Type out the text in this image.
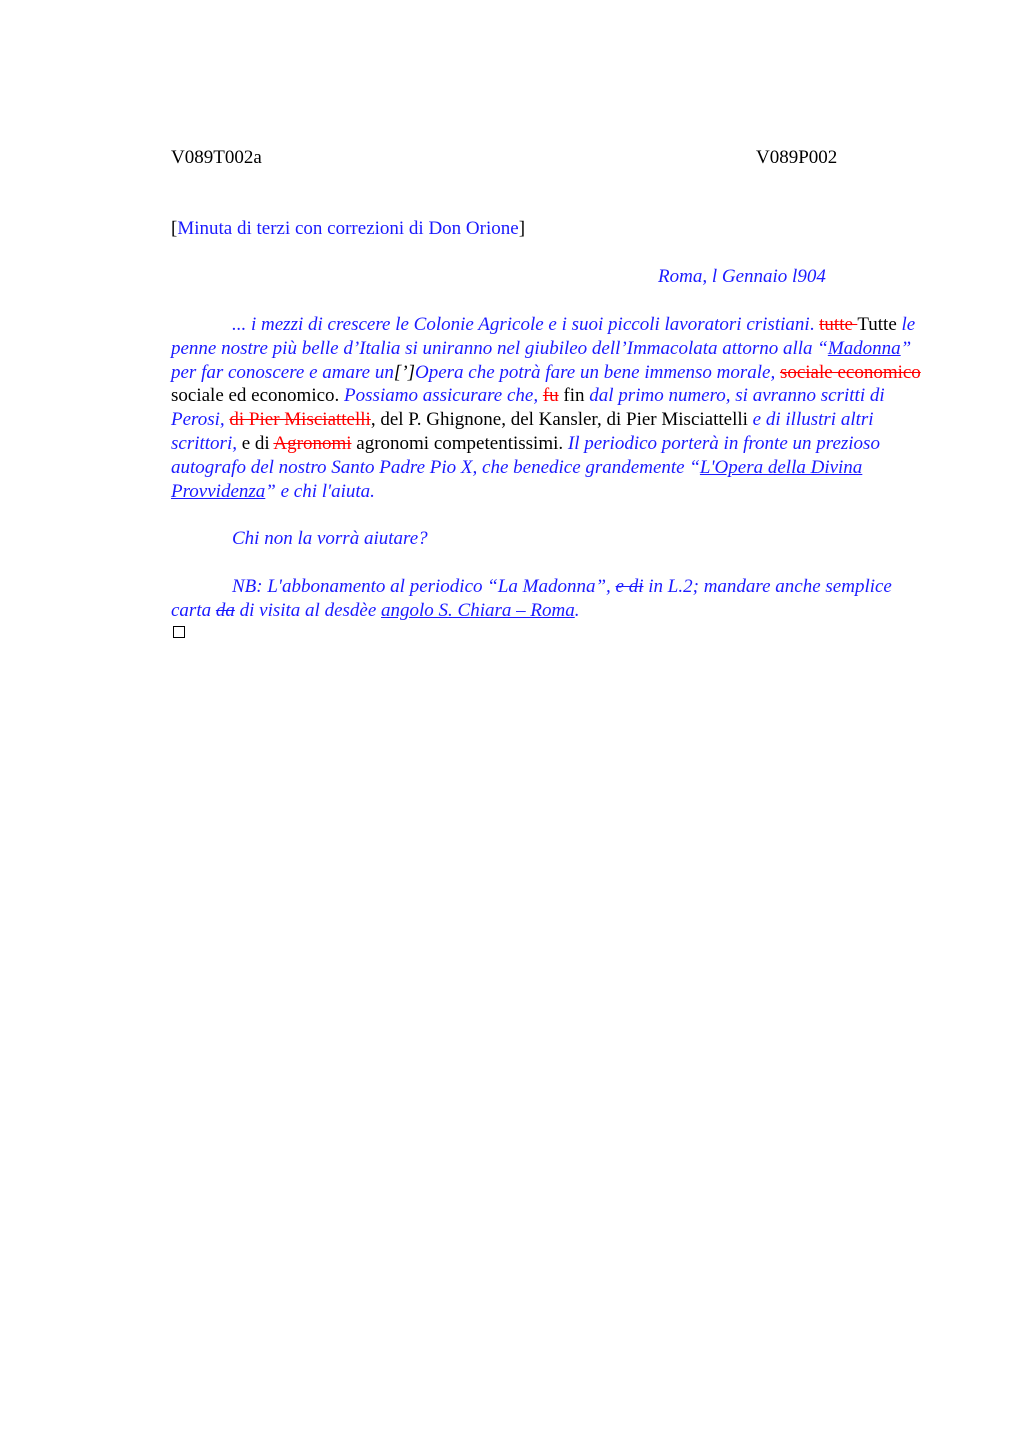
V089T002a	V089P002
[Minuta di terzi con correzioni di Don Orione]
Roma, l Gennaio l904
... i mezzi di crescere le Colonie Agricole e i suoi piccoli lavoratori cristiani. tutte Tutte le penne nostre più belle d’Italia si uniranno nel giubileo dell’Immacolata attorno alla “Madonna” per far conoscere e amare un[’]Opera che potrà fare un bene immenso morale, sociale economico sociale ed economico. Possiamo assicurare che, fu fin dal primo numero, si avranno scritti di Perosi, di Pier Misciattelli, del P. Ghignone, del Kansler, di Pier Misciattelli e di illustri altri scrittori, e di Agronomi agronomi competentissimi. Il periodico porterà in fronte un prezioso autografo del nostro Santo Padre Pio X, che benedice grandemente “L'Opera della Divina Provvidenza” e chi l'aiuta.
Chi non la vorrà aiutare?
NB: L'abbonamento al periodico “La Madonna”, e di in L.2; mandare anche semplice carta da di visita al desdèe angolo S. Chiara – Roma.
